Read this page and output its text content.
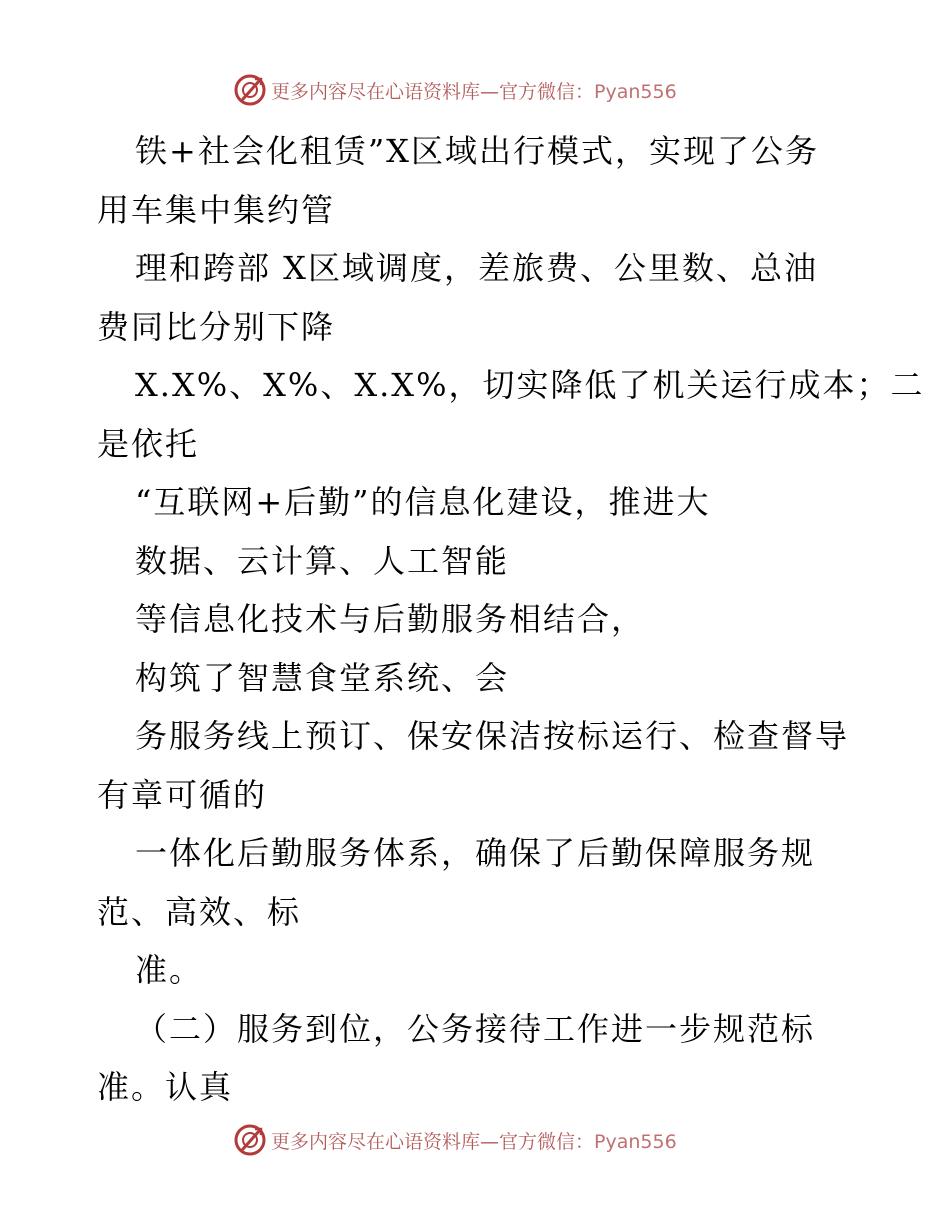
更多内容尽在心语资料库—官方微信：Pyan556
铁+社会化租赁”X区域出行模式，实现了公务
用车集中集约管
理和跨部 X区域调度，差旅费、公里数、总油
费同比分别下降
X.X%、X%、X.X%，切实降低了机关运行成本；二
是依托
“互联网+后勤”的信息化建设，推进大
数据、云计算、人工智能
等信息化技术与后勤服务相结合，
构筑了智慧食堂系统、会
务服务线上预订、保安保洁按标运行、检查督导
有章可循的
一体化后勤服务体系，确保了后勤保障服务规
范、高效、标
准。
（二）服务到位，公务接待工作进一步规范标
准。认真
更多内容尽在心语资料库—官方微信：Pyan556
